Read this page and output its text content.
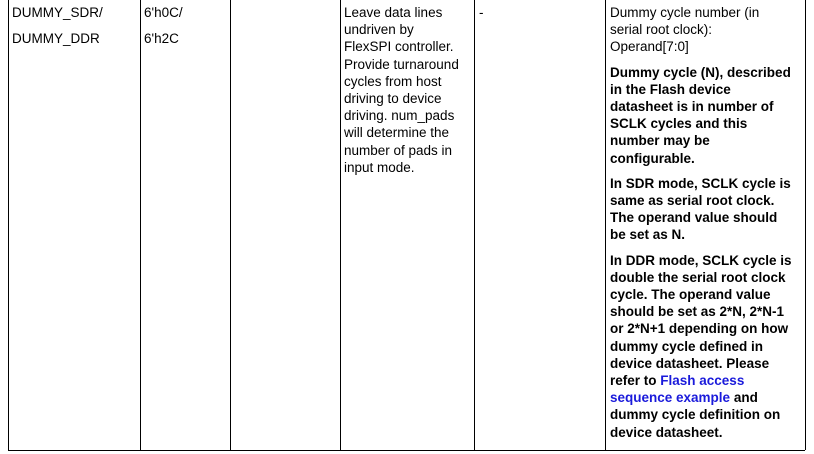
DUMMY_SDR/
DUMMY_DDR
6'h0C/
6'h2C
Leave data lines
undriven by
FlexSPI controller.
Provide turnaround
cycles from host
driving to device
driving. num_pads
will determine the
number of pads in
input mode.
-	Dummy cycle number (in
serial root clock):
Operand[7:0]
Dummy cycle (N), described
in the Flash device
datasheet is in number of
SCLK cycles and this
number may be
configurable.
In SDR mode, SCLK cycle is
same as serial root clock.
The operand value should
be set as N.
In DDR mode, SCLK cycle is
double the serial root clock
cycle. The operand value
should be set as 2*N, 2*N-1
or 2*N+1 depending on how
dummy cycle defined in
device datasheet. Please
refer to Flash access
sequence example and
dummy cycle definition on
device datasheet.
